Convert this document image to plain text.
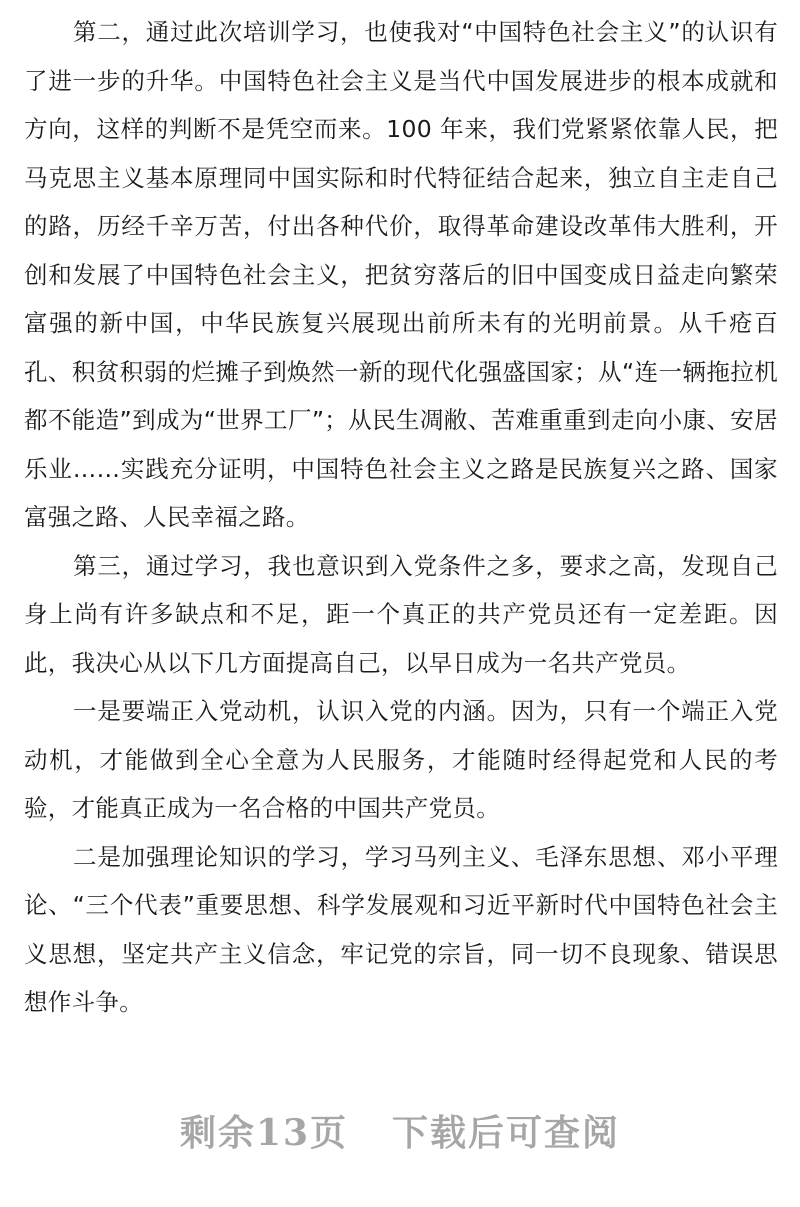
第二，通过此次培训学习，也使我对“中国特色社会主义”的认识有了进一步的升华。中国特色社会主义是当代中国发展进步的根本成就和方向，这样的判断不是凭空而来。100 年来，我们党紧紧依靠人民，把马克思主义基本原理同中国实际和时代特征结合起来，独立自主走自己的路，历经千辛万苦，付出各种代价，取得革命建设改革伟大胜利，开创和发展了中国特色社会主义，把贫穷落后的旧中国变成日益走向繁荣富强的新中国，中华民族复兴展现出前所未有的光明前景。从千疮百孔、积贫积弱的烂摊子到焕然一新的现代化强盛国家；从“连一辆拖拉机都不能造”到成为“世界工厂”；从民生凋敝、苦难重重到走向小康、安居乐业……实践充分证明，中国特色社会主义之路是民族复兴之路、国家富强之路、人民幸福之路。

第三，通过学习，我也意识到入党条件之多，要求之高，发现自己身上尚有许多缺点和不足，距一个真正的共产党员还有一定差距。因此，我决心从以下几方面提高自己，以早日成为一名共产党员。

一是要端正入党动机，认识入党的内涵。因为，只有一个端正入党动机，才能做到全心全意为人民服务，才能随时经得起党和人民的考验，才能真正成为一名合格的中国共产党员。

二是加强理论知识的学习，学习马列主义、毛泽东思想、邓小平理论、“三个代表”重要思想、科学发展观和习近平新时代中国特色社会主义思想，坚定共产主义信念，牢记党的宗旨，同一切不良现象、错误思想作斗争。

剩余13页 下载后可查阅
